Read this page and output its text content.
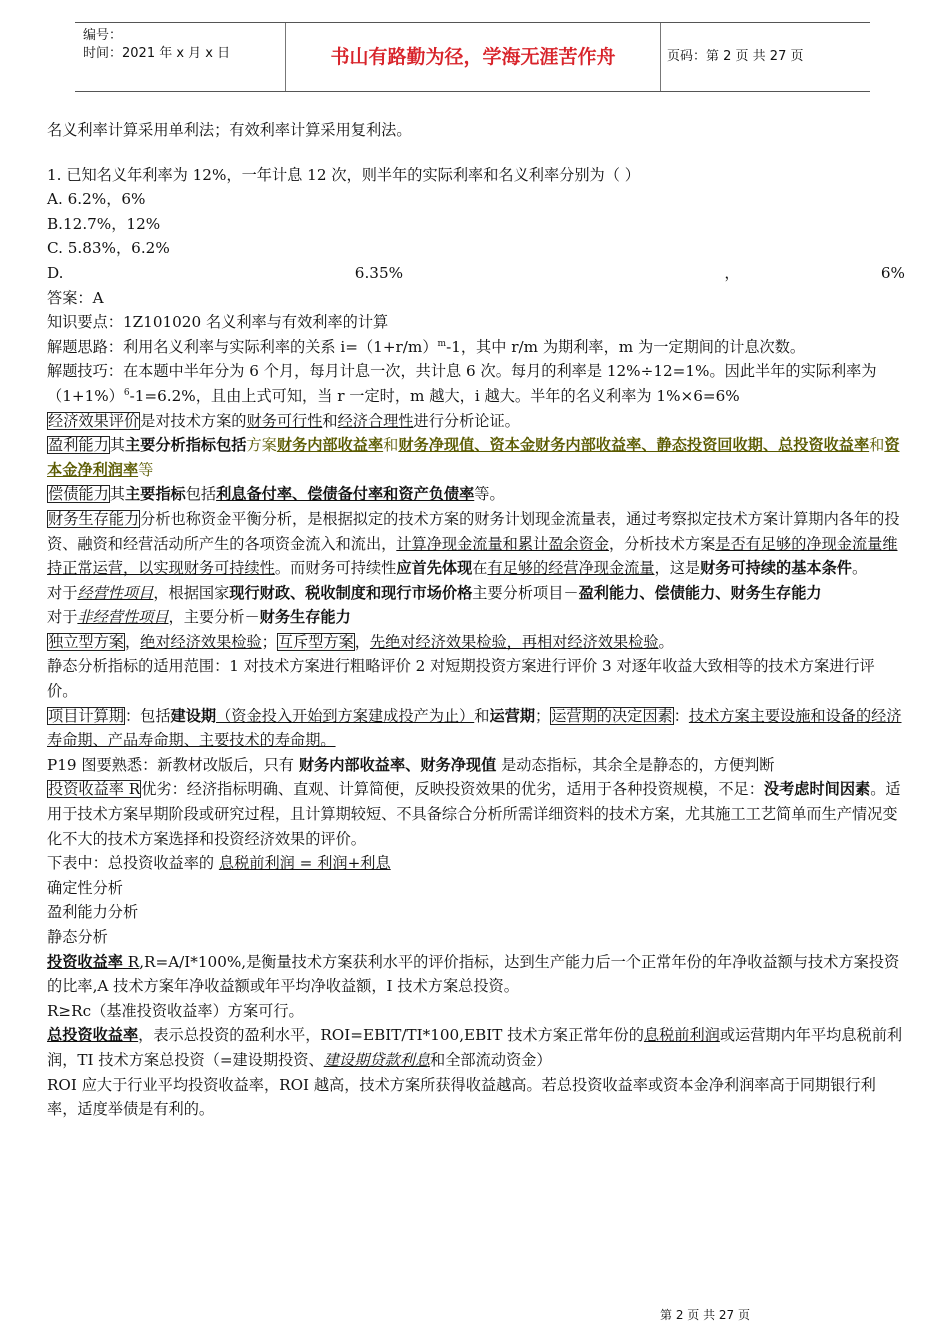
编号：
时间：2021 年 x 月 x 日	书山有路勤为径，学海无涯苦作舟	页码：第 2 页 共 27 页

名义利率计算采用单利法；有效利率计算采用复利法。

1. 已知名义年利率为 12%，一年计息 12 次，则半年的实际利率和名义利率分别为（ ）

A. 6.2%，6%

B.12.7%，12%

C. 5.83%，6.2%

D.	6.35%	，	6%

答案：A

知识要点：1Z101020 名义利率与有效利率的计算

解题思路：利用名义利率与实际利率的关系 $i=(1+r/m)^m-1$，其中 r/m 为期利率，m 为一定期间的计息次数。

解题技巧：在本题中半年分为 6 个月，每月计息一次，共计息 6 次。每月的利率是 12%÷12=1%。因此半年的实际利率为$(1+1\%)^6-1=6.2\%$，且由上式可知，当 r 一定时，m 越大，i 越大。半年的名义利率为 1%×6=6%

经济效果评价是对技术方案的财务可行性和经济合理性进行分析论证。

盈利能力其主要分析指标包括方案财务内部收益率和财务净现值、资本金财务内部收益率、静态投资回收期、总投资收益率和资本金净利润率等

偿债能力其主要指标包括利息备付率、偿债备付率和资产负债率等。

财务生存能力分析也称资金平衡分析，是根据拟定的技术方案的财务计划现金流量表，通过考察拟定技术方案计算期内各年的投资、融资和经营活动所产生的各项资金流入和流出，计算净现金流量和累计盈余资金，分析技术方案是否有足够的净现金流量维持正常运营，以实现财务可持续性。而财务可持续性应首先体现在有足够的经营净现金流量，这是财务可持续的基本条件。

对于经营性项目，根据国家现行财政、税收制度和现行市场价格主要分析项目－盈利能力、偿债能力、财务生存能力

对于非经营性项目，主要分析－财务生存能力

独立型方案，绝对经济效果检验；互斥型方案，先绝对经济效果检验，再相对经济效果检验。

静态分析指标的适用范围：1 对技术方案进行粗略评价 2 对短期投资方案进行评价 3 对逐年收益大致相等的技术方案进行评价。

项目计算期：包括建设期（资金投入开始到方案建成投产为止）和运营期；运营期的决定因素：技术方案主要设施和设备的经济寿命期、产品寿命期、主要技术的寿命期。

P19 图要熟悉：新教材改版后，只有 财务内部收益率、财务净现值 是动态指标，其余全是静态的，方便判断

投资收益率 R优劣：经济指标明确、直观、计算简便，反映投资效果的优劣，适用于各种投资规模，不足：没考虑时间因素。适用于技术方案早期阶段或研究过程，且计算期较短、不具备综合分析所需详细资料的技术方案，尤其施工工艺简单而生产情况变化不大的技术方案选择和投资经济效果的评价。

下表中：总投资收益率的 息税前利润 = 利润+利息

确定性分析

盈利能力分析

静态分析

投资收益率 R,R=A/I*100%,是衡量技术方案获利水平的评价指标，达到生产能力后一个正常年份的年净收益额与技术方案投资的比率,A 技术方案年净收益额或年平均净收益额，I 技术方案总投资。

R≥Rc（基准投资收益率）方案可行。

总投资收益率，表示总投资的盈利水平，ROI=EBIT/TI*100,EBIT 技术方案正常年份的息税前利润或运营期内年平均息税前利润，TI 技术方案总投资（=建设期投资、建设期贷款利息和全部流动资金）

ROI 应大于行业平均投资收益率，ROI 越高，技术方案所获得收益越高。若总投资收益率或资本金净利润率高于同期银行利率，适度举债是有利的。

第 2 页 共 27 页
